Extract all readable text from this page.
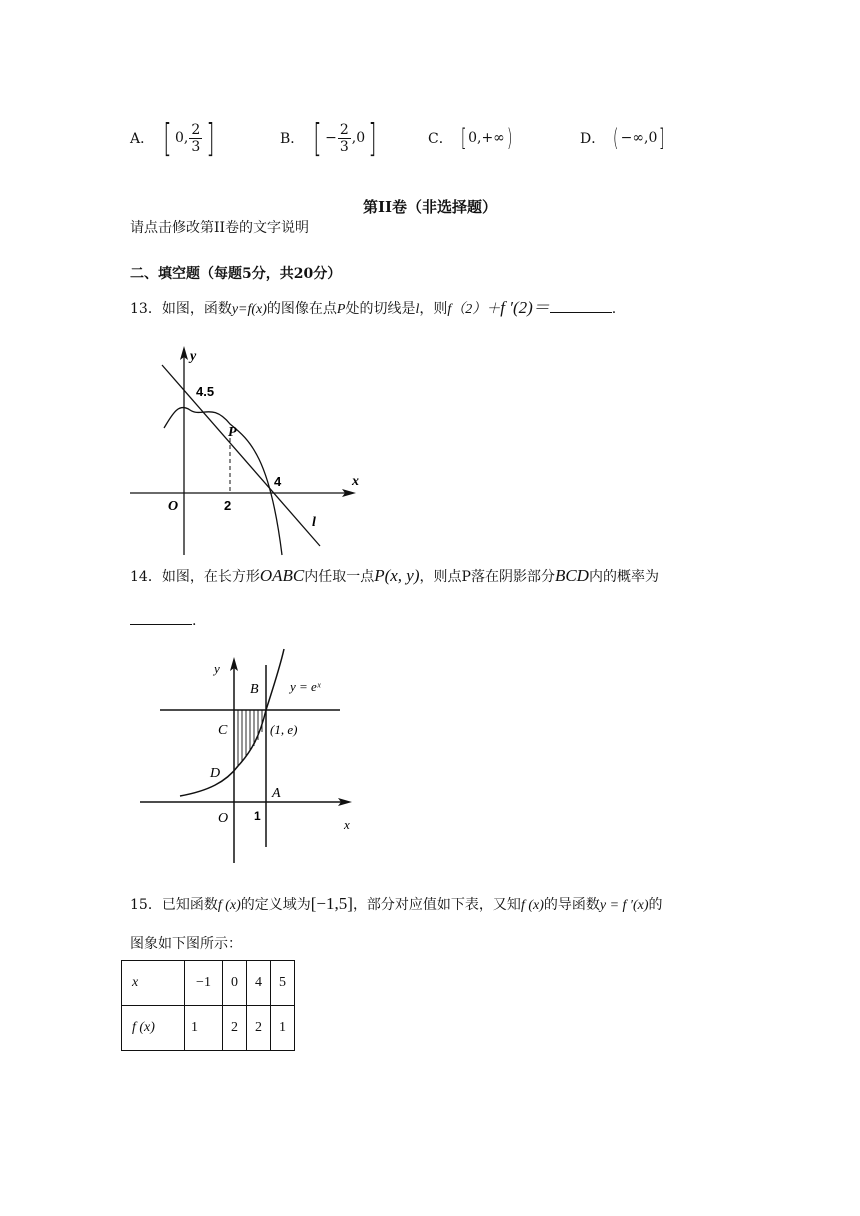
A． [ 0, $\frac{2}{3}$ ]	B． [ − $\frac{2}{3} ,0$ ]	C． [ 0,+∞ )	D． ( −∞,0 ]
第II卷（非选择题）
请点击修改第II卷的文字说明
二、填空题（每题5分，共20分）
13．如图，函数y=f(x)的图像在点P处的切线是l，则f（2）＋f ′(2)＝	.
y
x
4.5
P
O	2
4
l
14．如图，在长方形OABC内任取一点P(x, y)，则点P落在阴影部分BCD内的概率为
.
y
x
B y = eˣ
C	(1, e)
D
A
O 1
15．已知函数f (x)的定义域为[−1,5]，部分对应值如下表，又知f (x)的导函数y = f ′(x)的
图象如下图所示：
x	−1	0	4	5
f (x)	1	2	2	1
